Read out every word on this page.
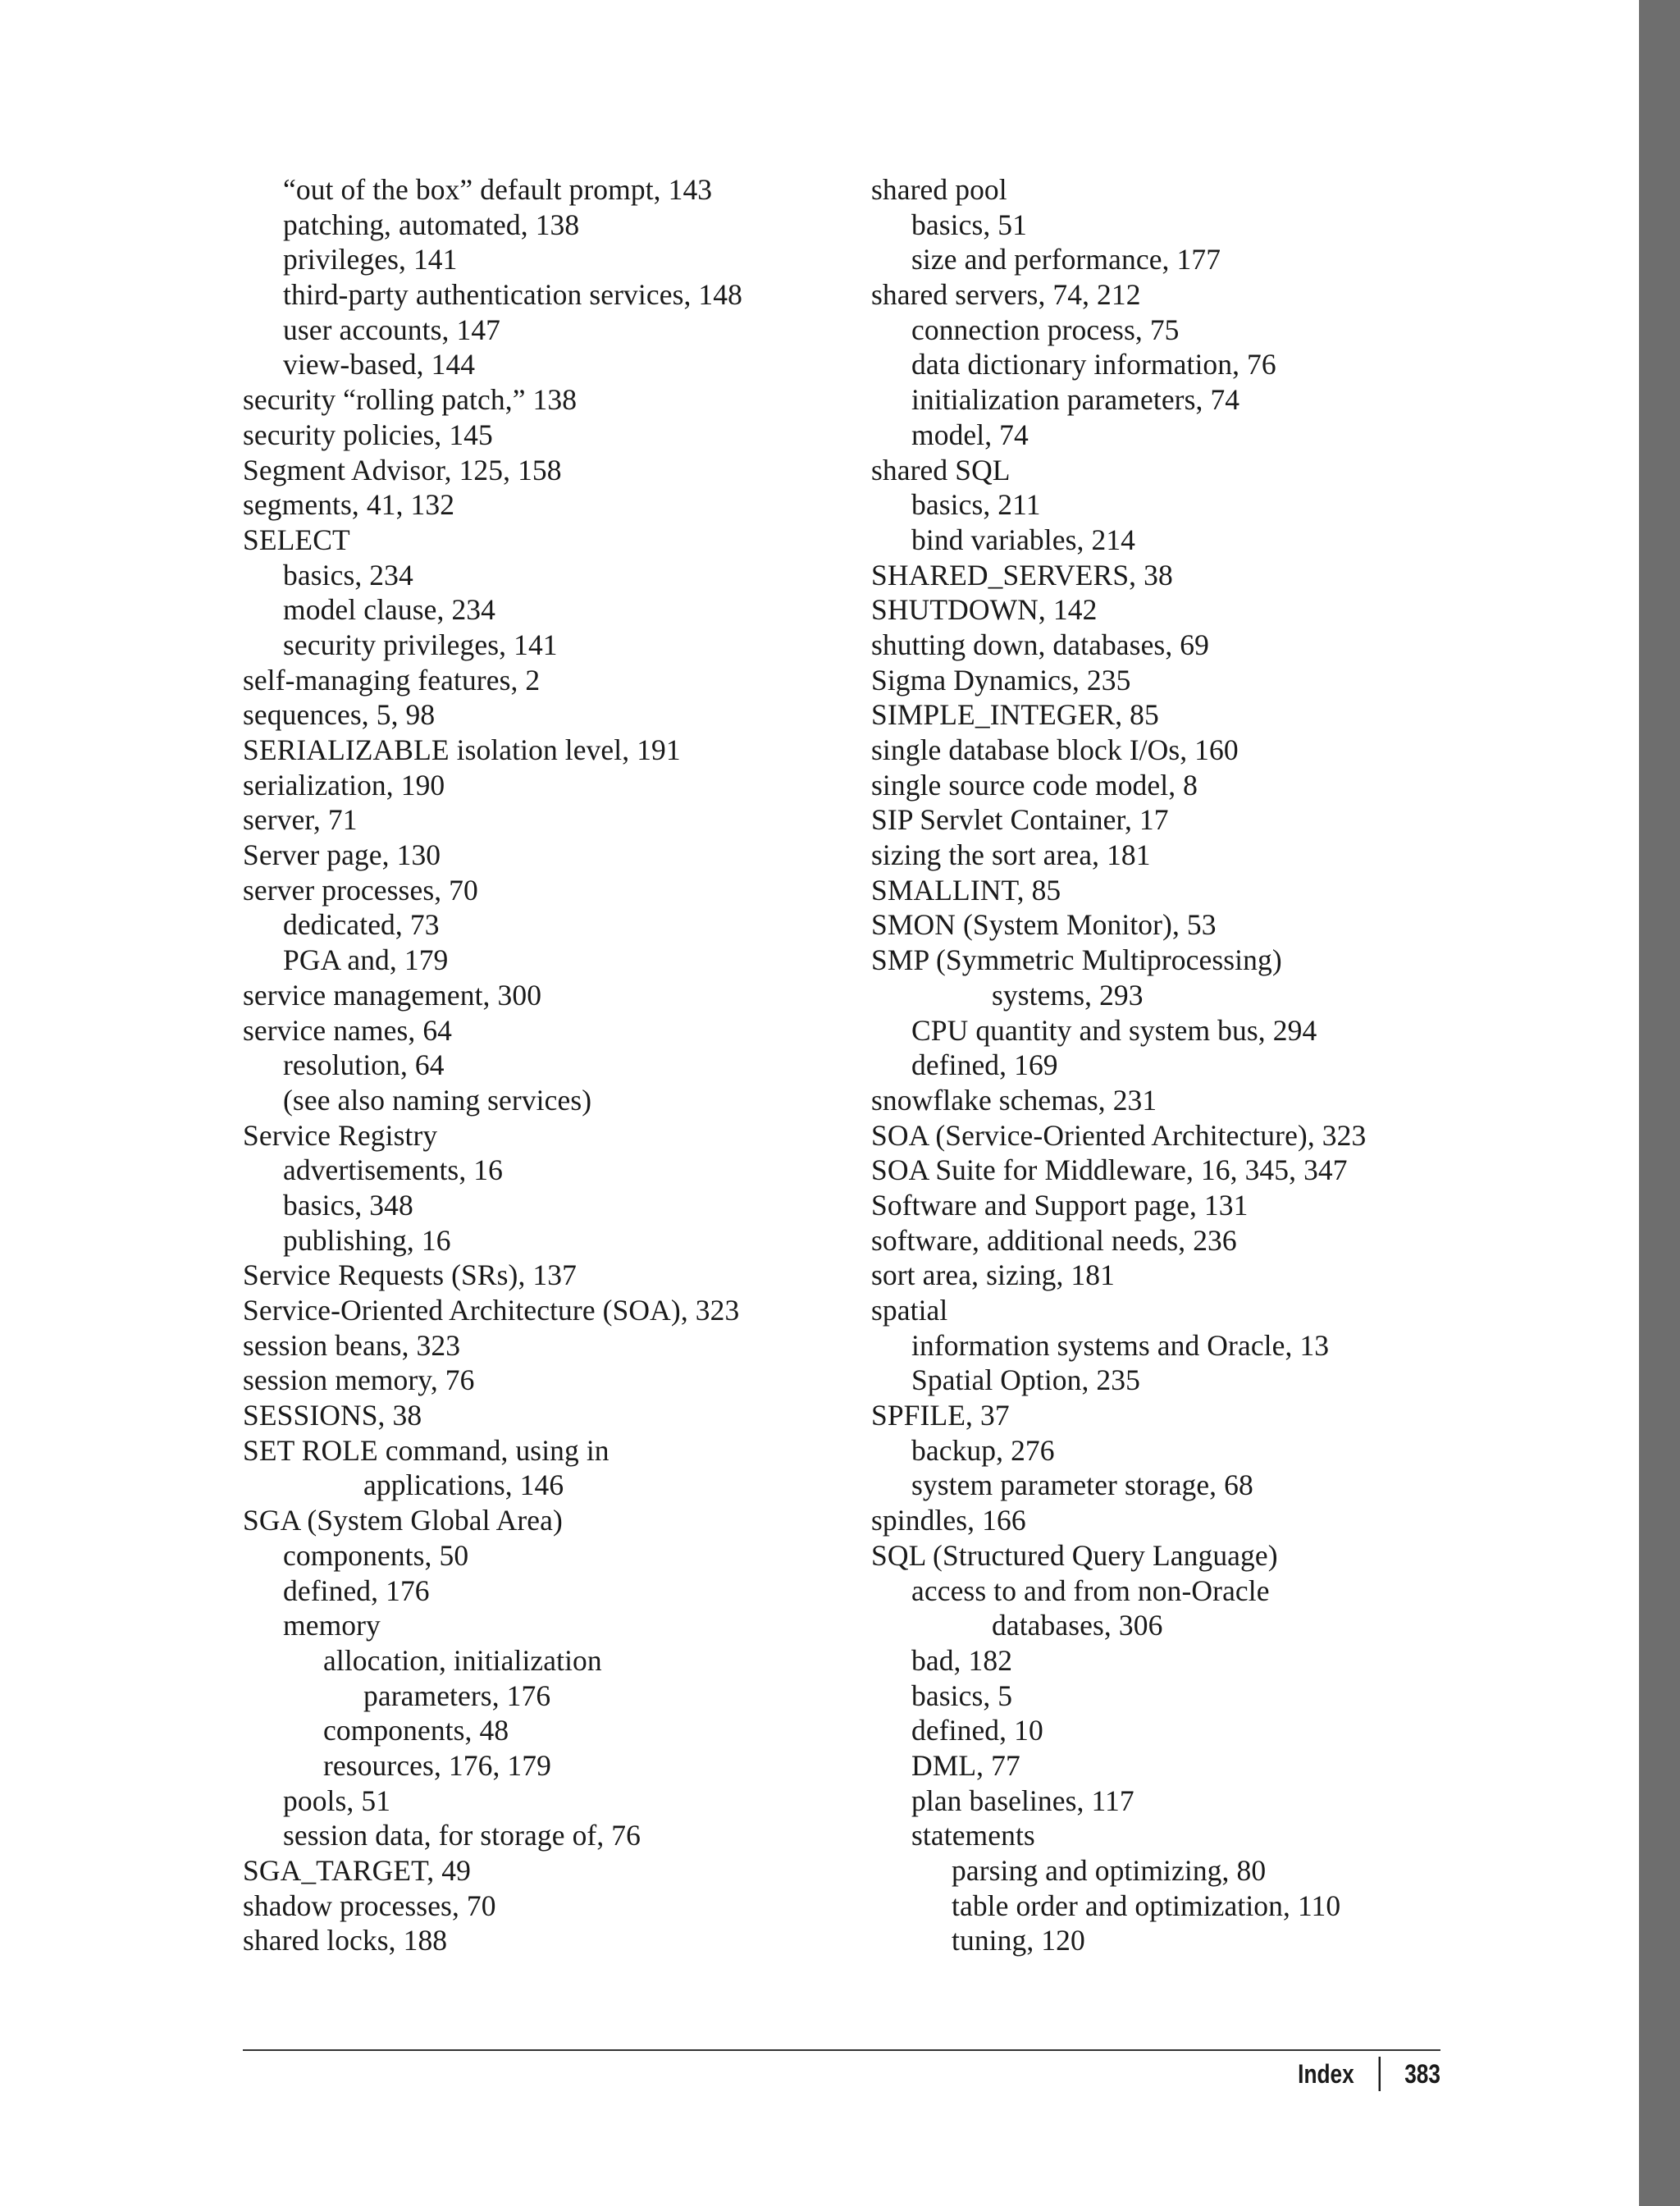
“out of the box” default prompt, 143
patching, automated, 138
privileges, 141
third-party authentication services, 148
user accounts, 147
view-based, 144
security “rolling patch,” 138
security policies, 145
Segment Advisor, 125, 158
segments, 41, 132
SELECT
basics, 234
model clause, 234
security privileges, 141
self-managing features, 2
sequences, 5, 98
SERIALIZABLE isolation level, 191
serialization, 190
server, 71
Server page, 130
server processes, 70
dedicated, 73
PGA and, 179
service management, 300
service names, 64
resolution, 64
(see also naming services)
Service Registry
advertisements, 16
basics, 348
publishing, 16
Service Requests (SRs), 137
Service-Oriented Architecture (SOA), 323
session beans, 323
session memory, 76
SESSIONS, 38
SET ROLE command, using in
applications, 146
SGA (System Global Area)
components, 50
defined, 176
memory
allocation, initialization
parameters, 176
components, 48
resources, 176, 179
pools, 51
session data, for storage of, 76
SGA_TARGET, 49
shadow processes, 70
shared locks, 188
shared pool
basics, 51
size and performance, 177
shared servers, 74, 212
connection process, 75
data dictionary information, 76
initialization parameters, 74
model, 74
shared SQL
basics, 211
bind variables, 214
SHARED_SERVERS, 38
SHUTDOWN, 142
shutting down, databases, 69
Sigma Dynamics, 235
SIMPLE_INTEGER, 85
single database block I/Os, 160
single source code model, 8
SIP Servlet Container, 17
sizing the sort area, 181
SMALLINT, 85
SMON (System Monitor), 53
SMP (Symmetric Multiprocessing)
systems, 293
CPU quantity and system bus, 294
defined, 169
snowflake schemas, 231
SOA (Service-Oriented Architecture), 323
SOA Suite for Middleware, 16, 345, 347
Software and Support page, 131
software, additional needs, 236
sort area, sizing, 181
spatial
information systems and Oracle, 13
Spatial Option, 235
SPFILE, 37
backup, 276
system parameter storage, 68
spindles, 166
SQL (Structured Query Language)
access to and from non-Oracle
databases, 306
bad, 182
basics, 5
defined, 10
DML, 77
plan baselines, 117
statements
parsing and optimizing, 80
table order and optimization, 110
tuning, 120
Index 383
